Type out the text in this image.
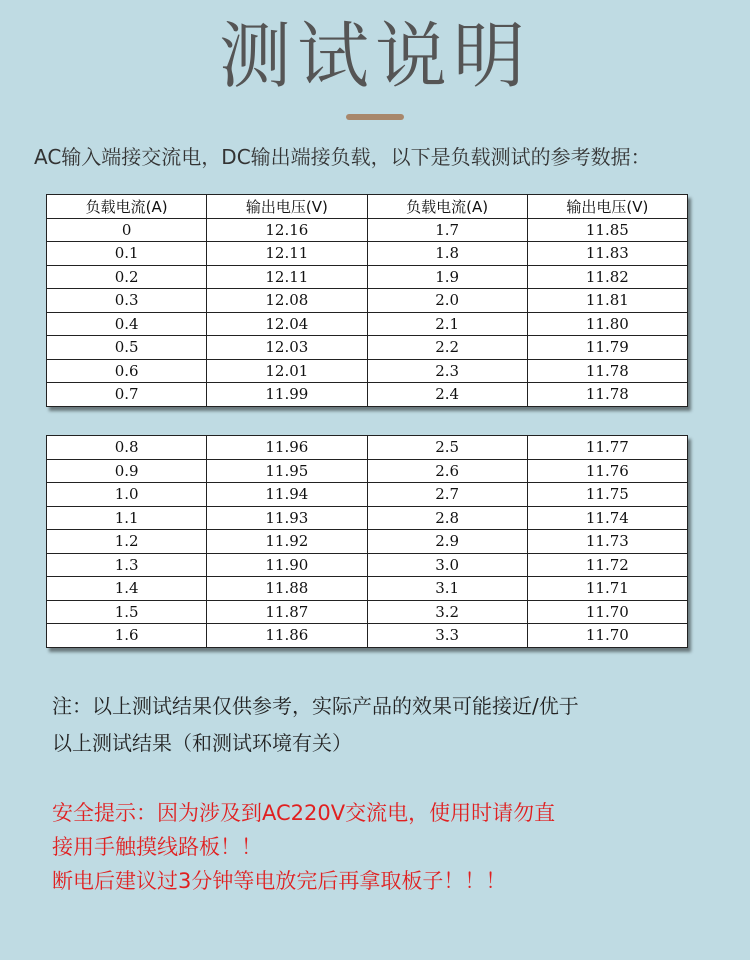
测试说明
AC输入端接交流电，DC输出端接负载，以下是负载测试的参考数据：
负载电流(A)	输出电压(V)	负载电流(A)	输出电压(V)
0	12.16	1.7	11.85
0.1	12.11	1.8	11.83
0.2	12.11	1.9	11.82
0.3	12.08	2.0	11.81
0.4	12.04	2.1	11.80
0.5	12.03	2.2	11.79
0.6	12.01	2.3	11.78
0.7	11.99	2.4	11.78
0.8	11.96	2.5	11.77
0.9	11.95	2.6	11.76
1.0	11.94	2.7	11.75
1.1	11.93	2.8	11.74
1.2	11.92	2.9	11.73
1.3	11.90	3.0	11.72
1.4	11.88	3.1	11.71
1.5	11.87	3.2	11.70
1.6	11.86	3.3	11.70
注：以上测试结果仅供参考，实际产品的效果可能接近/优于
以上测试结果（和测试环境有关）
安全提示：因为涉及到AC220V交流电，使用时请勿直
接用手触摸线路板！！
断电后建议过3分钟等电放完后再拿取板子！！！
